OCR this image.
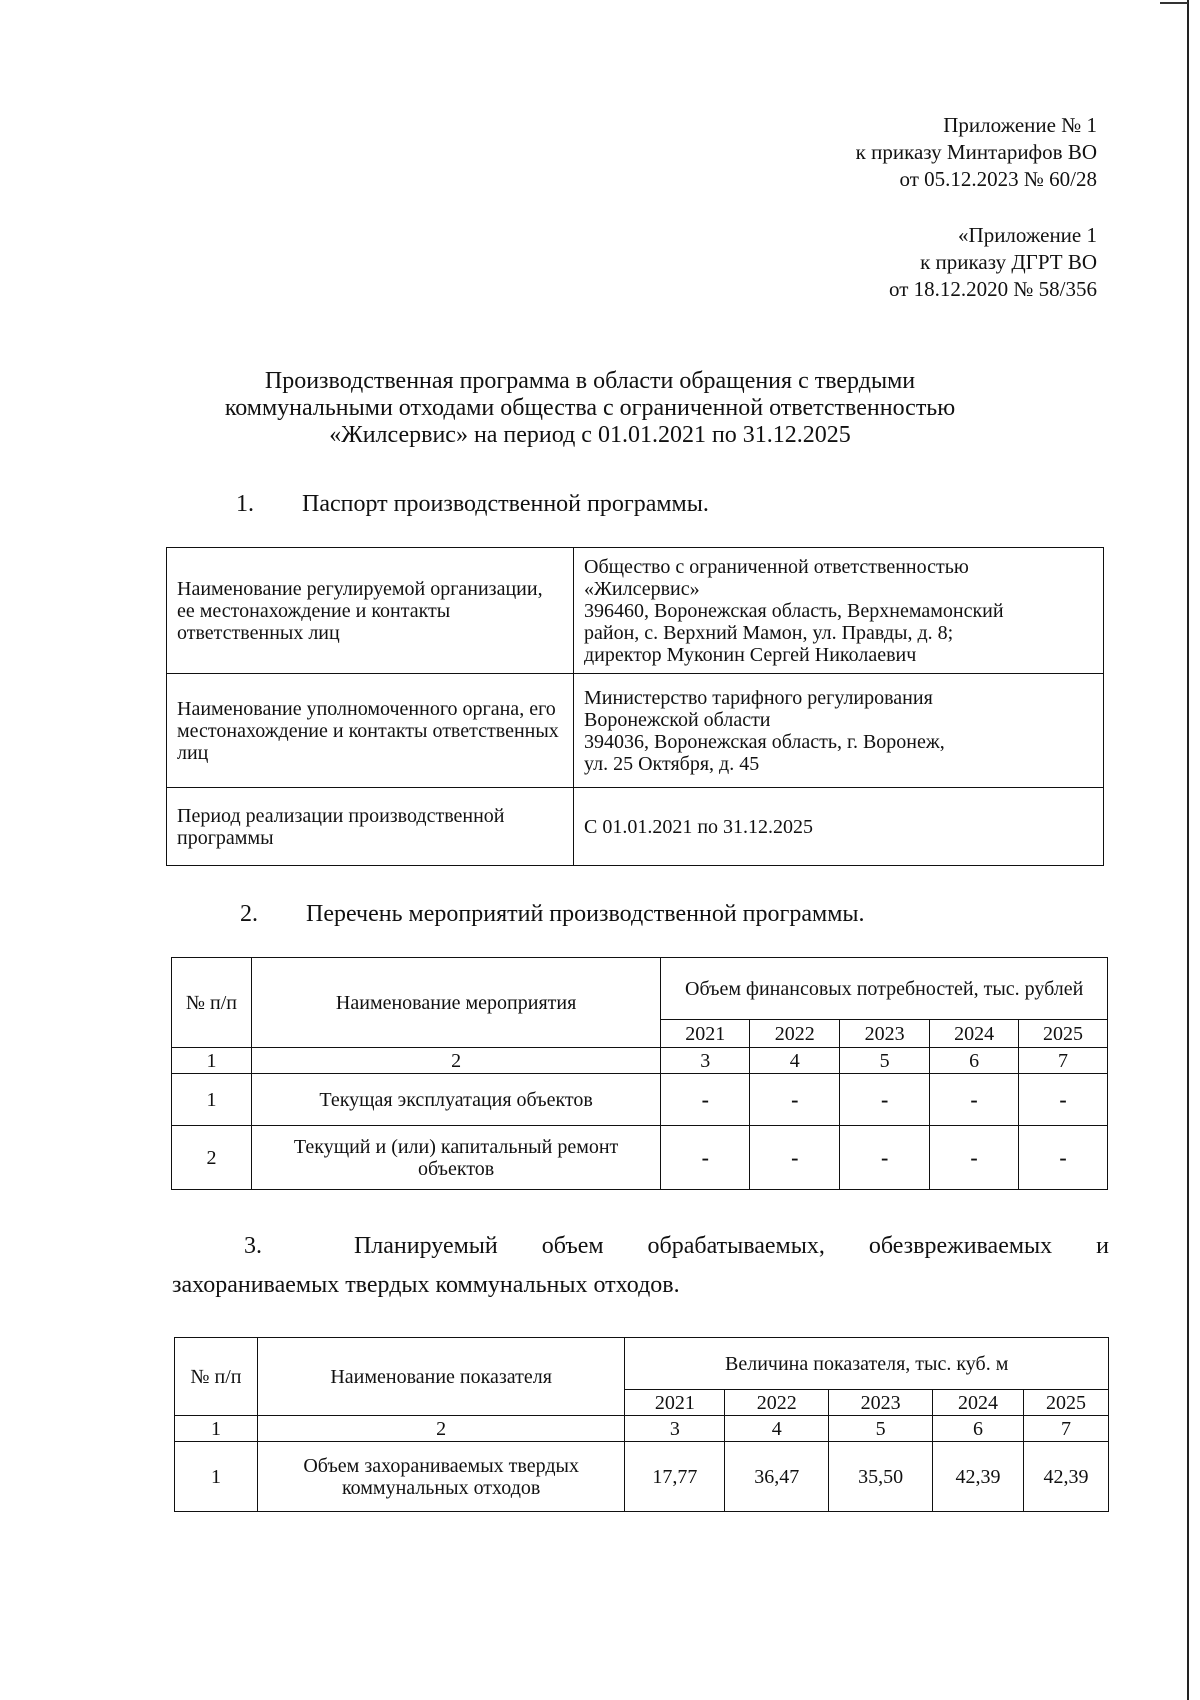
Приложение № 1
к приказу Минтарифов ВО
от 05.12.2023 № 60/28
«Приложение 1
к приказу ДГРТ ВО
от 18.12.2020 № 58/356
Производственная программа в области обращения с твердыми
коммунальными отходами общества с ограниченной ответственностью
«Жилсервис» на период с 01.01.2021 по 31.12.2025
1. Паспорт производственной программы.
Наименование регулируемой организации, ее местонахождение и контакты ответственных лиц	Общество с ограниченной ответственностью
«Жилсервис»
396460, Воронежская область, Верхнемамонский
район, с. Верхний Мамон, ул. Правды, д. 8;
директор Муконин Сергей Николаевич

Наименование уполномоченного органа, его местонахождение и контакты ответственных лиц	Министерство тарифного регулирования
Воронежской области
394036, Воронежская область, г. Воронеж,
ул. 25 Октября, д. 45

Период реализации производственной программы	С 01.01.2021 по 31.12.2025
2. Перечень мероприятий производственной программы.
№ п/п	Наименование мероприятия	Объем финансовых потребностей, тыс. рублей				
		2021	2022	2023	2024	2025
1	2	3	4	5	6	7
1	Текущая эксплуатация объектов	-	-	-	-	-
2	Текущий и (или) капитальный ремонт объектов	-	-	-	-	-
3.	Планируемый объем обрабатываемых, обезвреживаемых и
захораниваемых твердых коммунальных отходов.
№ п/п	Наименование показателя	Величина показателя, тыс. куб. м				
		2021	2022	2023	2024	2025
1	2	3	4	5	6	7
1	Объем захораниваемых твердых коммунальных отходов	17,77	36,47	35,50	42,39	42,39
